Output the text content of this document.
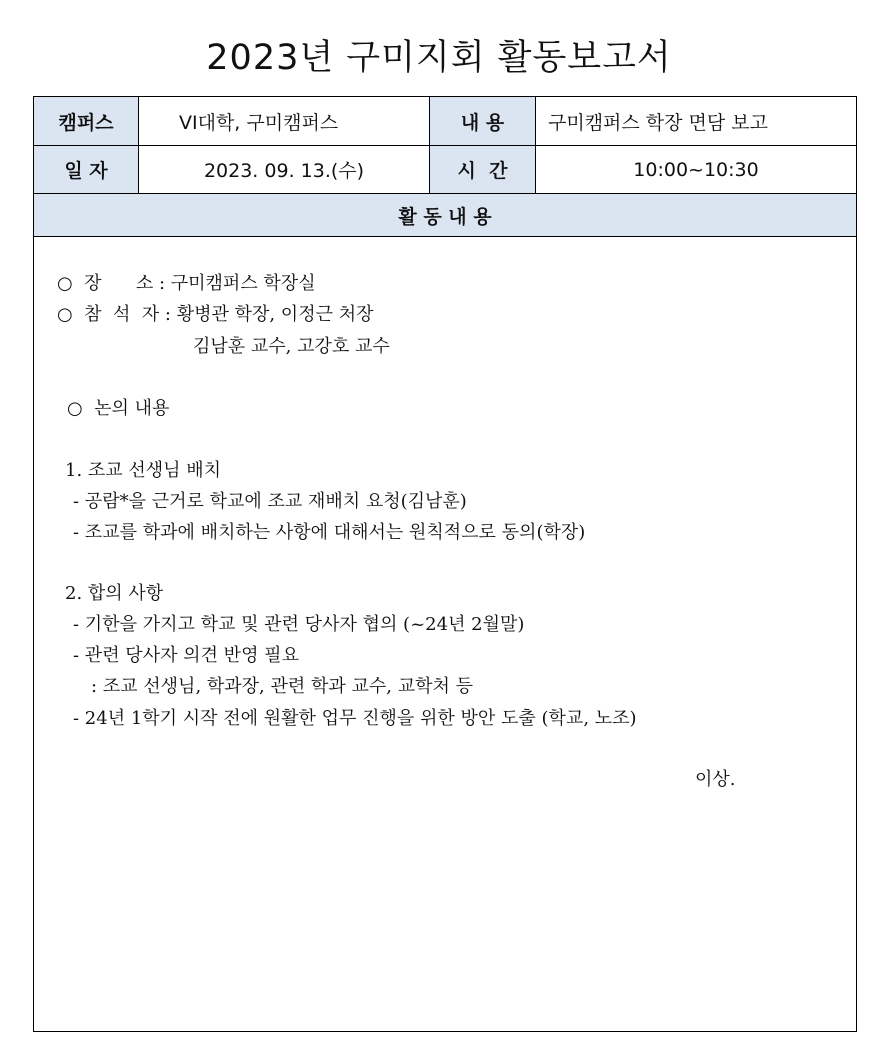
2023년 구미지회 활동보고서
캠퍼스	VI대학, 구미캠퍼스	내 용	구미캠퍼스 학장 면담 보고
일 자	2023. 09. 13.(수)	시  간	10:00~10:30
활 동 내 용
○  장      소 : 구미캠퍼스 학장실
○  참  석  자 : 황병관 학장, 이정근 처장
김남훈 교수, 고강호 교수
○  논의 내용
1. 조교 선생님 배치
- 공람*을 근거로 학교에 조교 재배치 요청(김남훈)
- 조교를 학과에 배치하는 사항에 대해서는 원칙적으로 동의(학장)
2. 합의 사항
- 기한을 가지고 학교 및 관련 당사자 협의 (~24년 2월말)
- 관련 당사자 의견 반영 필요
: 조교 선생님, 학과장, 관련 학과 교수, 교학처 등
- 24년 1학기 시작 전에 원활한 업무 진행을 위한 방안 도출 (학교, 노조)
이상.
